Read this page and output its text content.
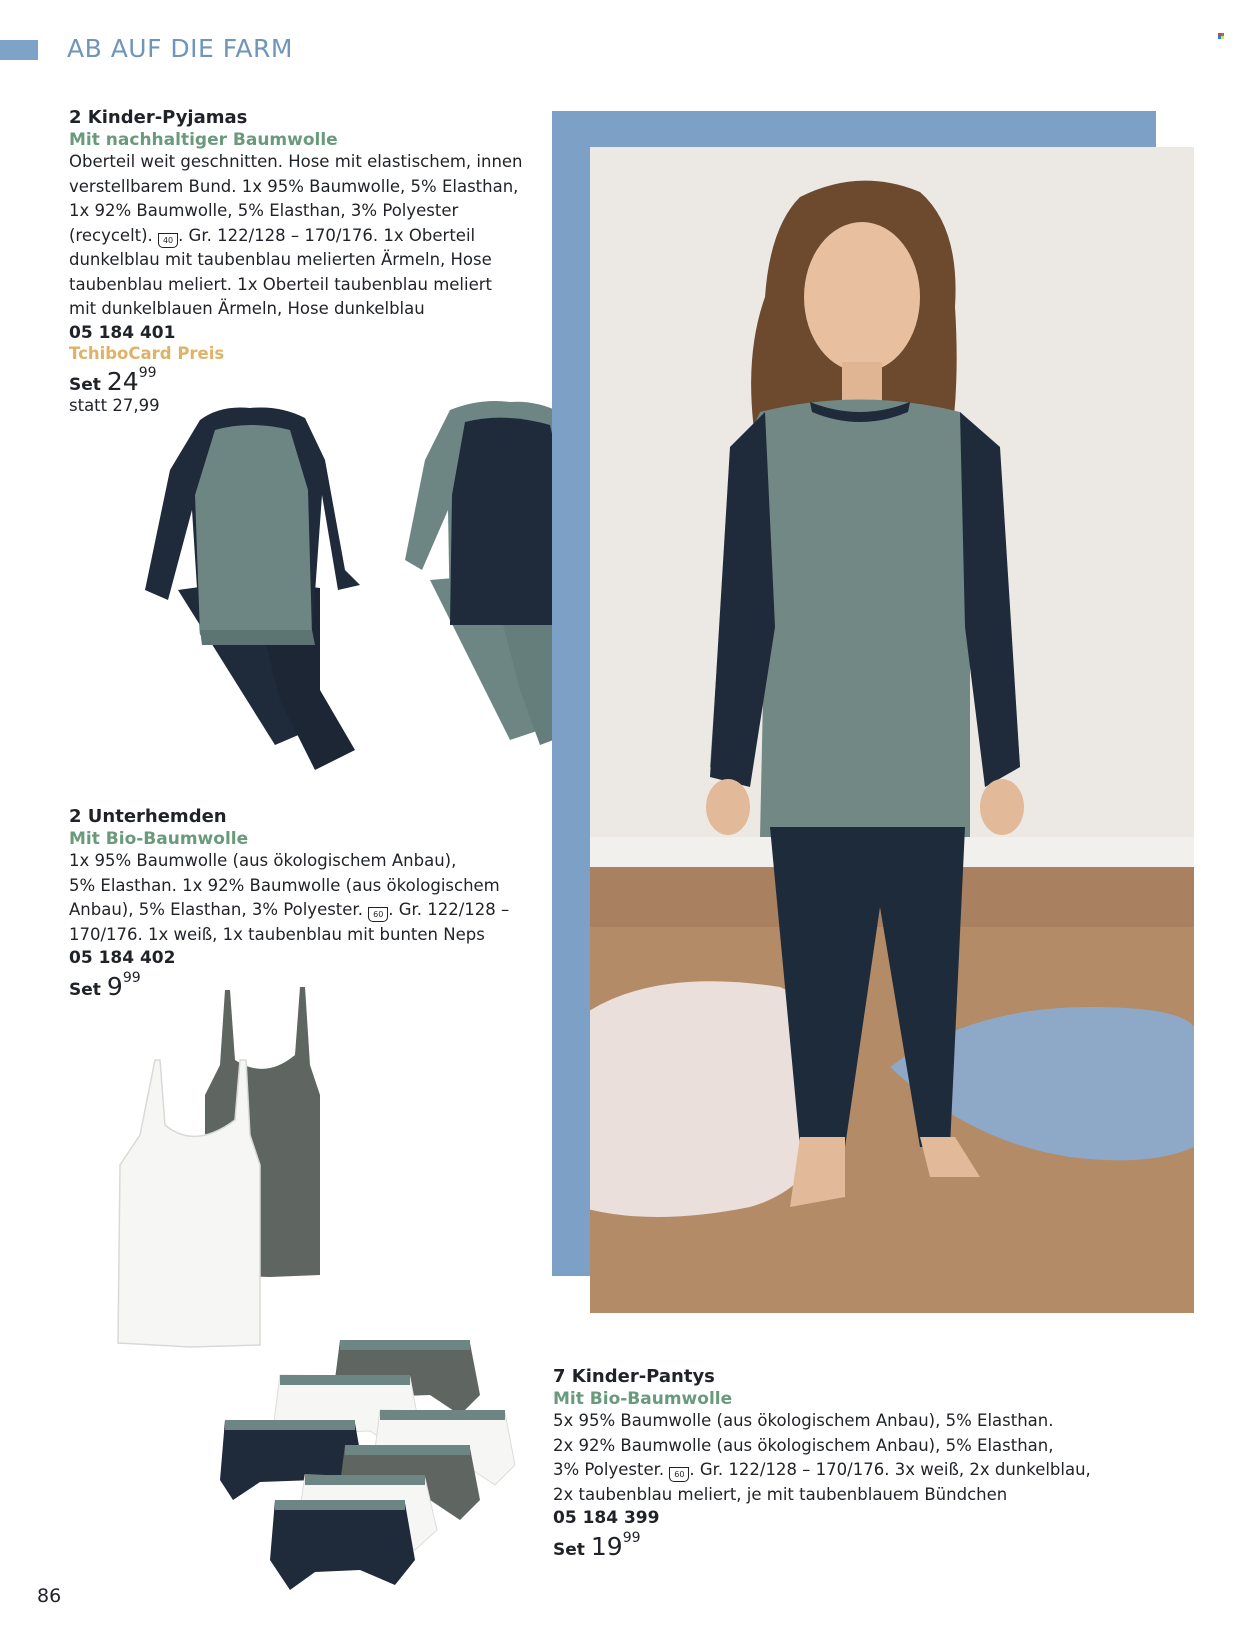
AB AUF DIE FARM
2 Kinder-Pyjamas
Mit nachhaltiger Baumwolle
Oberteil weit geschnitten. Hose mit elastischem, innen
verstellbarem Bund. 1x 95% Baumwolle, 5% Elasthan,
1x 92% Baumwolle, 5% Elasthan, 3% Polyester
(recycelt). 40 . Gr. 122/128 – 170/176. 1x Oberteil
dunkelblau mit taubenblau melierten Ärmeln, Hose
taubenblau meliert. 1x Oberteil taubenblau meliert
mit dunkelblauen Ärmeln, Hose dunkelblau
05 184 401
TchiboCard Preis
Set 2499
statt 27,99
2 Unterhemden
Mit Bio-Baumwolle
1x 95% Baumwolle (aus ökologischem Anbau),
5% Elasthan. 1x 92% Baumwolle (aus ökologischem
Anbau), 5% Elasthan, 3% Polyester. 60 . Gr. 122/128 –
170/176. 1x weiß, 1x taubenblau mit bunten Neps
05 184 402
Set 999
7 Kinder-Pantys
Mit Bio-Baumwolle
5x 95% Baumwolle (aus ökologischem Anbau), 5% Elasthan.
2x 92% Baumwolle (aus ökologischem Anbau), 5% Elasthan,
3% Polyester. 60 . Gr. 122/128 – 170/176. 3x weiß, 2x dunkelblau,
2x taubenblau meliert, je mit taubenblauem Bündchen
05 184 399
Set 1999
86
